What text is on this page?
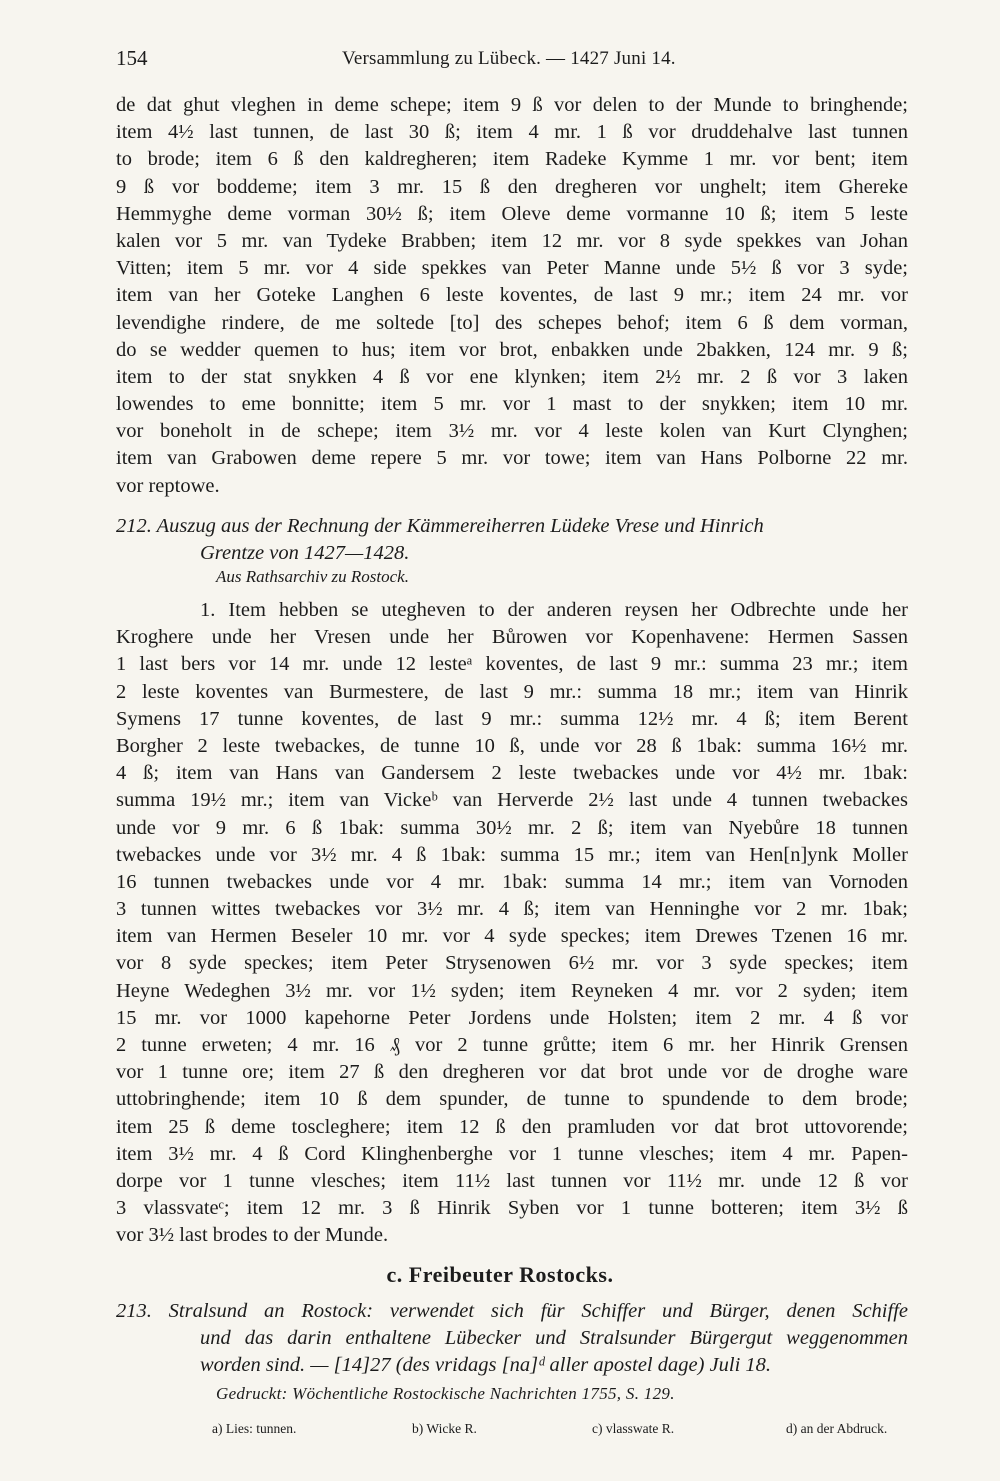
154	Versammlung zu Lübeck. — 1427 Juni 14.
de dat ghut vleghen in deme schepe; item 9 ß vor delen to der Munde to bringhende;
item 4½ last tunnen, de last 30 ß; item 4 mr. 1 ß vor druddehalve last tunnen
to brode; item 6 ß den kaldregheren; item Radeke Kymme 1 mr. vor bent; item
9 ß vor boddeme; item 3 mr. 15 ß den dregheren vor unghelt; item Ghereke
Hemmyghe deme vorman 30½ ß; item Oleve deme vormanne 10 ß; item 5 leste
kalen vor 5 mr. van Tydeke Brabben; item 12 mr. vor 8 syde spekkes van Johan
Vitten; item 5 mr. vor 4 side spekkes van Peter Manne unde 5½ ß vor 3 syde;
item van her Goteke Langhen 6 leste koventes, de last 9 mr.; item 24 mr. vor
levendighe rindere, de me soltede [to] des schepes behof; item 6 ß dem vorman,
do se wedder quemen to hus; item vor brot, enbakken unde 2bakken, 124 mr. 9 ß;
item to der stat snykken 4 ß vor ene klynken; item 2½ mr. 2 ß vor 3 laken
lowendes to eme bonnitte; item 5 mr. vor 1 mast to der snykken; item 10 mr.
vor boneholt in de schepe; item 3½ mr. vor 4 leste kolen van Kurt Clynghen;
item van Grabowen deme repere 5 mr. vor towe; item van Hans Polborne 22 mr.
vor reptowe.
212. Auszug aus der Rechnung der Kämmereiherren Lüdeke Vrese und Hinrich
Grentze von 1427—1428.
Aus Rathsarchiv zu Rostock.
1. Item hebben se utegheven to der anderen reysen her Odbrechte unde her
Kroghere unde her Vresen unde her Bůrowen vor Kopenhavene: Hermen Sassen
1 last bers vor 14 mr. unde 12 lesteᵃ koventes, de last 9 mr.: summa 23 mr.; item
2 leste koventes van Burmestere, de last 9 mr.: summa 18 mr.; item van Hinrik
Symens 17 tunne koventes, de last 9 mr.: summa 12½ mr. 4 ß; item Berent
Borgher 2 leste twebackes, de tunne 10 ß, unde vor 28 ß 1bak: summa 16½ mr.
4 ß; item van Hans van Gandersem 2 leste twebackes unde vor 4½ mr. 1bak:
summa 19½ mr.; item van Vickeᵇ van Herverde 2½ last unde 4 tunnen twebackes
unde vor 9 mr. 6 ß 1bak: summa 30½ mr. 2 ß; item van Nyebůre 18 tunnen
twebackes unde vor 3½ mr. 4 ß 1bak: summa 15 mr.; item van Hen[n]ynk Moller
16 tunnen twebackes unde vor 4 mr. 1bak: summa 14 mr.; item van Vornoden
3 tunnen wittes twebackes vor 3½ mr. 4 ß; item van Henninghe vor 2 mr. 1bak;
item van Hermen Beseler 10 mr. vor 4 syde speckes; item Drewes Tzenen 16 mr.
vor 8 syde speckes; item Peter Strysenowen 6½ mr. vor 3 syde speckes; item
Heyne Wedeghen 3½ mr. vor 1½ syden; item Reyneken 4 mr. vor 2 syden; item
15 mr. vor 1000 kapehorne Peter Jordens unde Holsten; item 2 mr. 4 ß vor
2 tunne erweten; 4 mr. 16 ₰ vor 2 tunne grůtte; item 6 mr. her Hinrik Grensen
vor 1 tunne ore; item 27 ß den dregheren vor dat brot unde vor de droghe ware
uttobringhende; item 10 ß dem spunder, de tunne to spundende to dem brode;
item 25 ß deme toscleghere; item 12 ß den pramluden vor dat brot uttovorende;
item 3½ mr. 4 ß Cord Klinghenberghe vor 1 tunne vlesches; item 4 mr. Papen-
dorpe vor 1 tunne vlesches; item 11½ last tunnen vor 11½ mr. unde 12 ß vor
3 vlassvateᶜ; item 12 mr. 3 ß Hinrik Syben vor 1 tunne botteren; item 3½ ß
vor 3½ last brodes to der Munde.
c. Freibeuter Rostocks.
213. Stralsund an Rostock: verwendet sich für Schiffer und Bürger, denen Schiffe
und das darin enthaltene Lübecker und Stralsunder Bürgergut weggenommen
worden sind. — [14]27 (des vridags [na]ᵈ aller apostel dage) Juli 18.
Gedruckt: Wöchentliche Rostockische Nachrichten 1755, S. 129.
a) Lies: tunnen.	b) Wicke R.	c) vlasswate R.	d) an der Abdruck.
